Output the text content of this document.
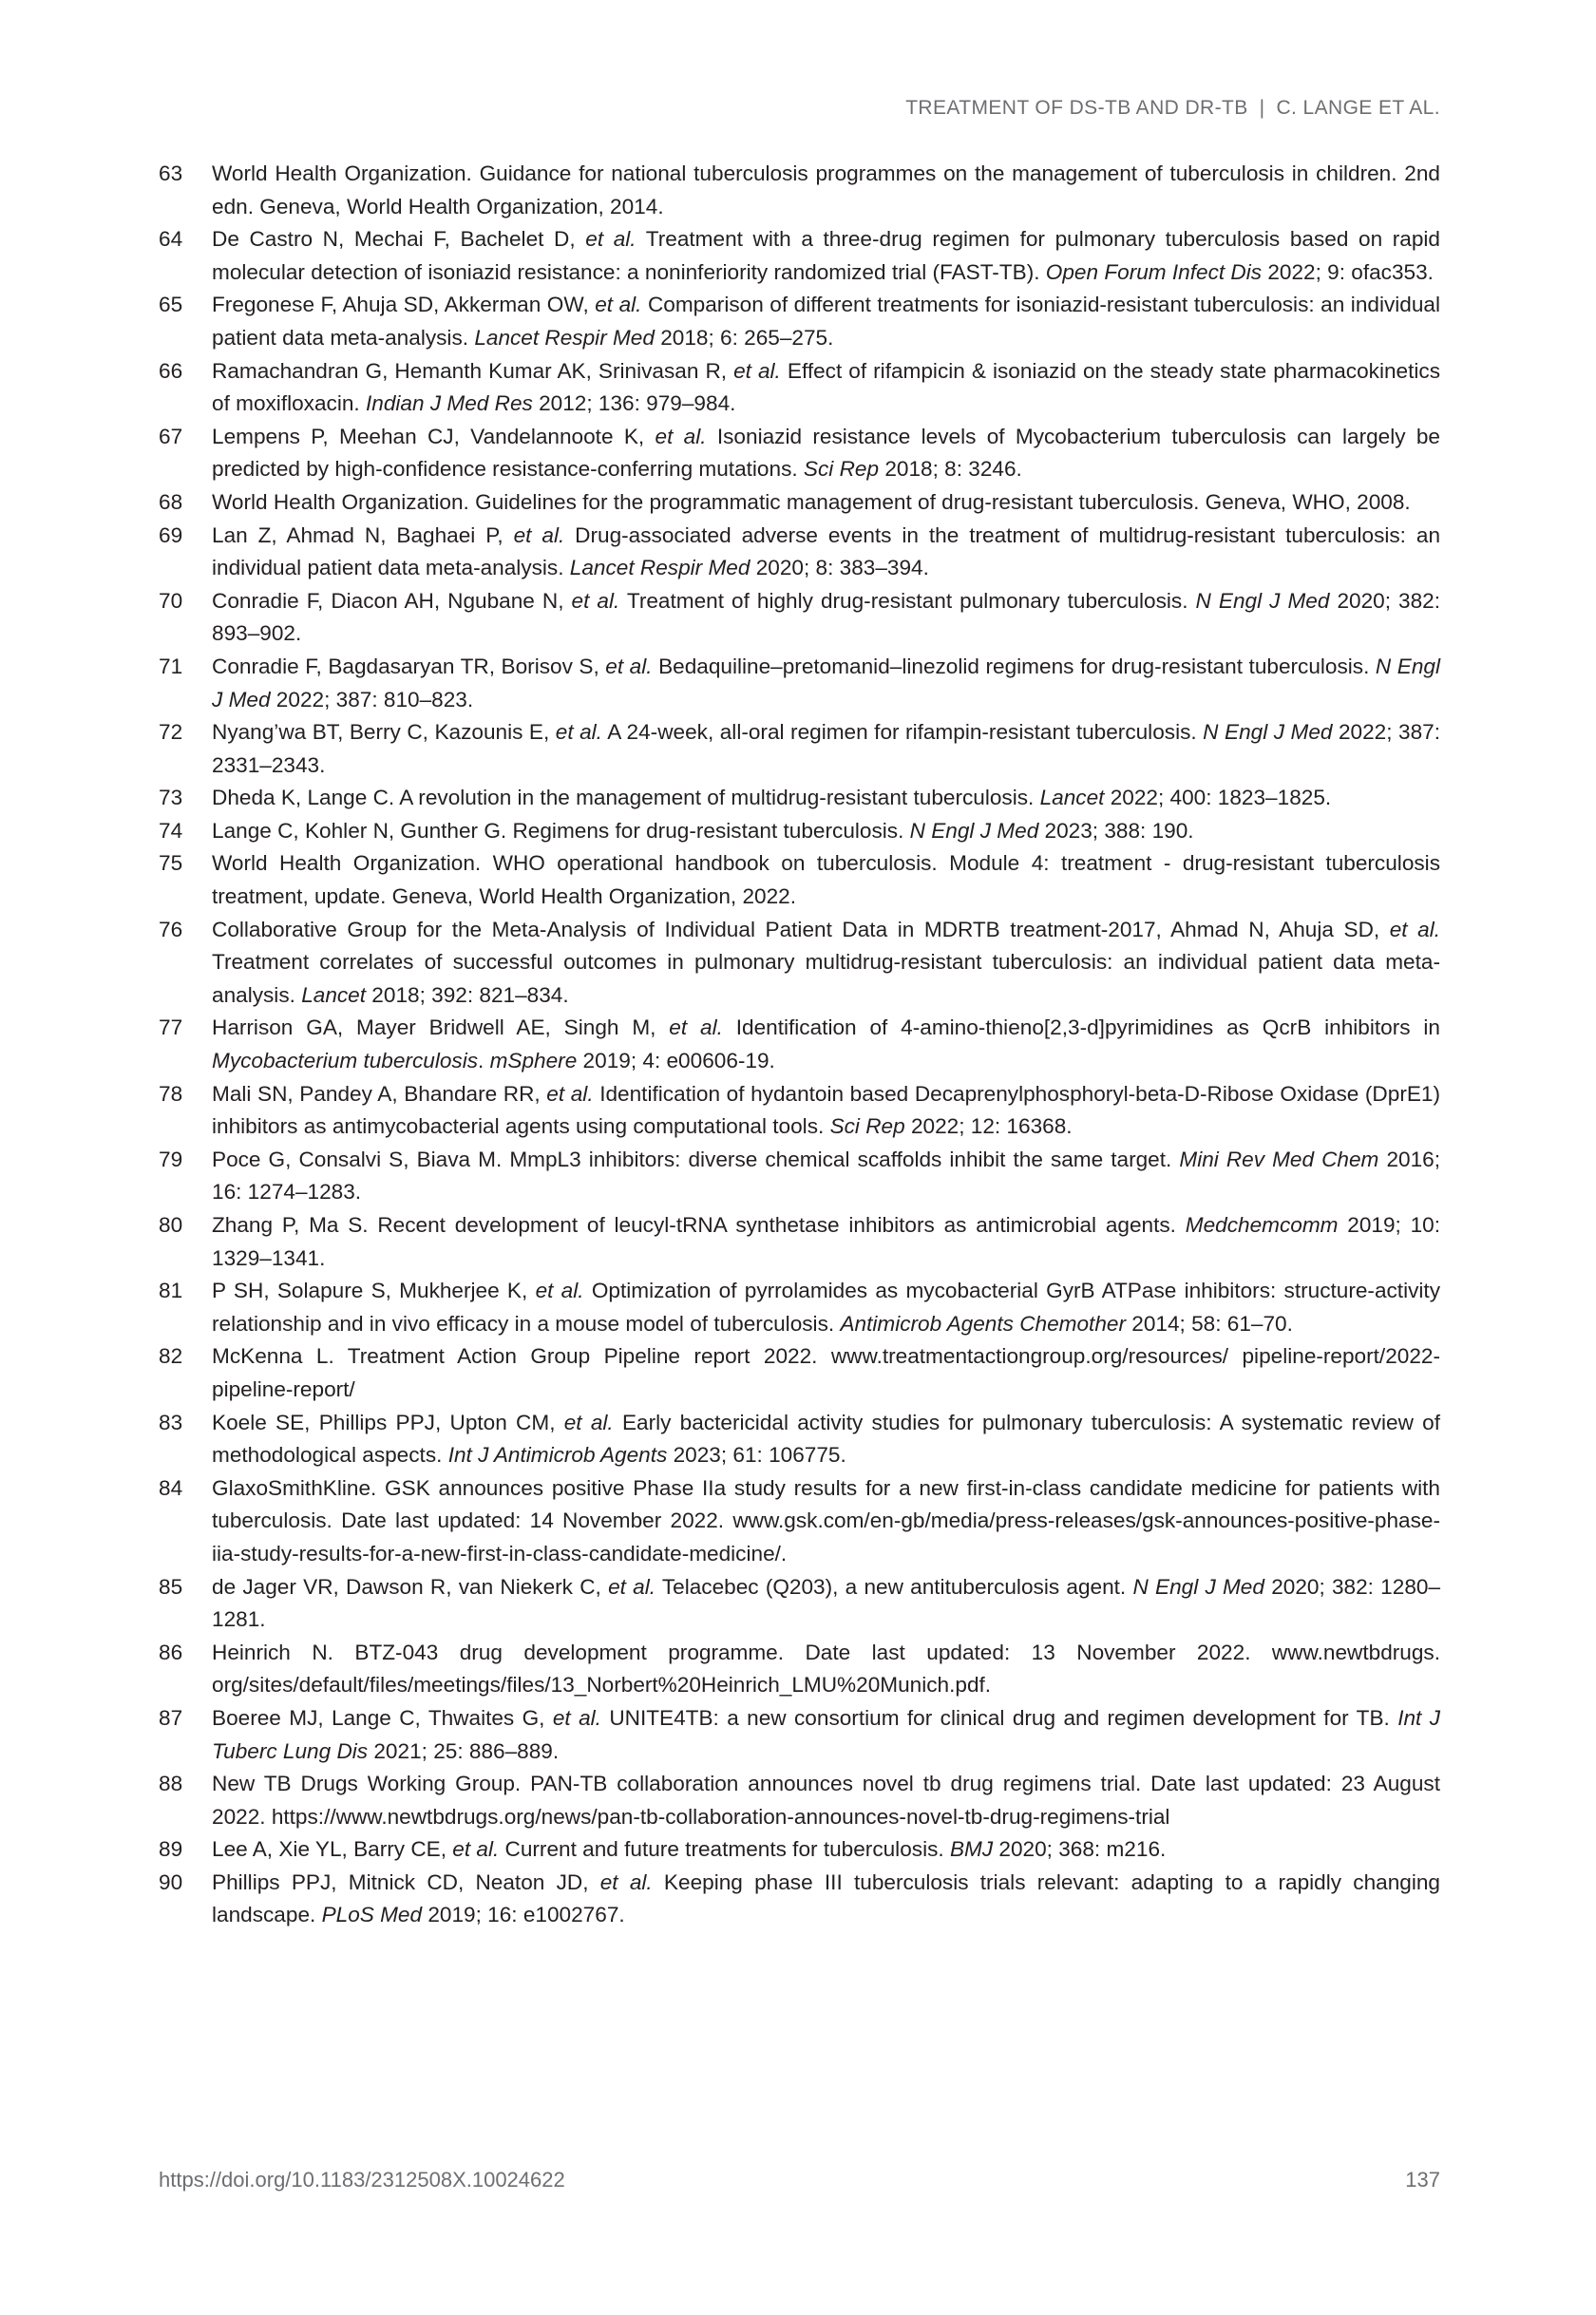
TREATMENT OF DS-TB AND DR-TB | C. LANGE ET AL.
63	World Health Organization. Guidance for national tuberculosis programmes on the management of tuberculosis in children. 2nd edn. Geneva, World Health Organization, 2014.
64	De Castro N, Mechai F, Bachelet D, et al. Treatment with a three-drug regimen for pulmonary tuberculosis based on rapid molecular detection of isoniazid resistance: a noninferiority randomized trial (FAST-TB). Open Forum Infect Dis 2022; 9: ofac353.
65	Fregonese F, Ahuja SD, Akkerman OW, et al. Comparison of different treatments for isoniazid-resistant tuberculosis: an individual patient data meta-analysis. Lancet Respir Med 2018; 6: 265–275.
66	Ramachandran G, Hemanth Kumar AK, Srinivasan R, et al. Effect of rifampicin & isoniazid on the steady state pharmacokinetics of moxifloxacin. Indian J Med Res 2012; 136: 979–984.
67	Lempens P, Meehan CJ, Vandelannoote K, et al. Isoniazid resistance levels of Mycobacterium tuberculosis can largely be predicted by high-confidence resistance-conferring mutations. Sci Rep 2018; 8: 3246.
68	World Health Organization. Guidelines for the programmatic management of drug-resistant tuberculosis. Geneva, WHO, 2008.
69	Lan Z, Ahmad N, Baghaei P, et al. Drug-associated adverse events in the treatment of multidrug-resistant tuberculosis: an individual patient data meta-analysis. Lancet Respir Med 2020; 8: 383–394.
70	Conradie F, Diacon AH, Ngubane N, et al. Treatment of highly drug-resistant pulmonary tuberculosis. N Engl J Med 2020; 382: 893–902.
71	Conradie F, Bagdasaryan TR, Borisov S, et al. Bedaquiline–pretomanid–linezolid regimens for drug-resistant tuberculosis. N Engl J Med 2022; 387: 810–823.
72	Nyang’wa BT, Berry C, Kazounis E, et al. A 24-week, all-oral regimen for rifampin-resistant tuberculosis. N Engl J Med 2022; 387: 2331–2343.
73	Dheda K, Lange C. A revolution in the management of multidrug-resistant tuberculosis. Lancet 2022; 400: 1823–1825.
74	Lange C, Kohler N, Gunther G. Regimens for drug-resistant tuberculosis. N Engl J Med 2023; 388: 190.
75	World Health Organization. WHO operational handbook on tuberculosis. Module 4: treatment - drug-resistant tuberculosis treatment, update. Geneva, World Health Organization, 2022.
76	Collaborative Group for the Meta-Analysis of Individual Patient Data in MDRTB treatment-2017, Ahmad N, Ahuja SD, et al. Treatment correlates of successful outcomes in pulmonary multidrug-resistant tuberculosis: an individual patient data meta-analysis. Lancet 2018; 392: 821–834.
77	Harrison GA, Mayer Bridwell AE, Singh M, et al. Identification of 4-amino-thieno[2,3-d]pyrimidines as QcrB inhibitors in Mycobacterium tuberculosis. mSphere 2019; 4: e00606-19.
78	Mali SN, Pandey A, Bhandare RR, et al. Identification of hydantoin based Decaprenylphosphoryl-beta-D-Ribose Oxidase (DprE1) inhibitors as antimycobacterial agents using computational tools. Sci Rep 2022; 12: 16368.
79	Poce G, Consalvi S, Biava M. MmpL3 inhibitors: diverse chemical scaffolds inhibit the same target. Mini Rev Med Chem 2016; 16: 1274–1283.
80	Zhang P, Ma S. Recent development of leucyl-tRNA synthetase inhibitors as antimicrobial agents. Medchemcomm 2019; 10: 1329–1341.
81	P SH, Solapure S, Mukherjee K, et al. Optimization of pyrrolamides as mycobacterial GyrB ATPase inhibitors: structure-activity relationship and in vivo efficacy in a mouse model of tuberculosis. Antimicrob Agents Chemother 2014; 58: 61–70.
82	McKenna L. Treatment Action Group Pipeline report 2022. www.treatmentactiongroup.org/resources/ pipeline-report/2022-pipeline-report/
83	Koele SE, Phillips PPJ, Upton CM, et al. Early bactericidal activity studies for pulmonary tuberculosis: A systematic review of methodological aspects. Int J Antimicrob Agents 2023; 61: 106775.
84	GlaxoSmithKline. GSK announces positive Phase IIa study results for a new first-in-class candidate medicine for patients with tuberculosis. Date last updated: 14 November 2022. www.gsk.com/en-gb/media/press-releases/gsk-announces-positive-phase-iia-study-results-for-a-new-first-in-class-candidate-medicine/.
85	de Jager VR, Dawson R, van Niekerk C, et al. Telacebec (Q203), a new antituberculosis agent. N Engl J Med 2020; 382: 1280–1281.
86	Heinrich N. BTZ-043 drug development programme. Date last updated: 13 November 2022. www.newtbdrugs. org/sites/default/files/meetings/files/13_Norbert%20Heinrich_LMU%20Munich.pdf.
87	Boeree MJ, Lange C, Thwaites G, et al. UNITE4TB: a new consortium for clinical drug and regimen development for TB. Int J Tuberc Lung Dis 2021; 25: 886–889.
88	New TB Drugs Working Group. PAN-TB collaboration announces novel tb drug regimens trial. Date last updated: 23 August 2022. https://www.newtbdrugs.org/news/pan-tb-collaboration-announces-novel-tb-drug-regimens-trial
89	Lee A, Xie YL, Barry CE, et al. Current and future treatments for tuberculosis. BMJ 2020; 368: m216.
90	Phillips PPJ, Mitnick CD, Neaton JD, et al. Keeping phase III tuberculosis trials relevant: adapting to a rapidly changing landscape. PLoS Med 2019; 16: e1002767.
https://doi.org/10.1183/2312508X.10024622	137
